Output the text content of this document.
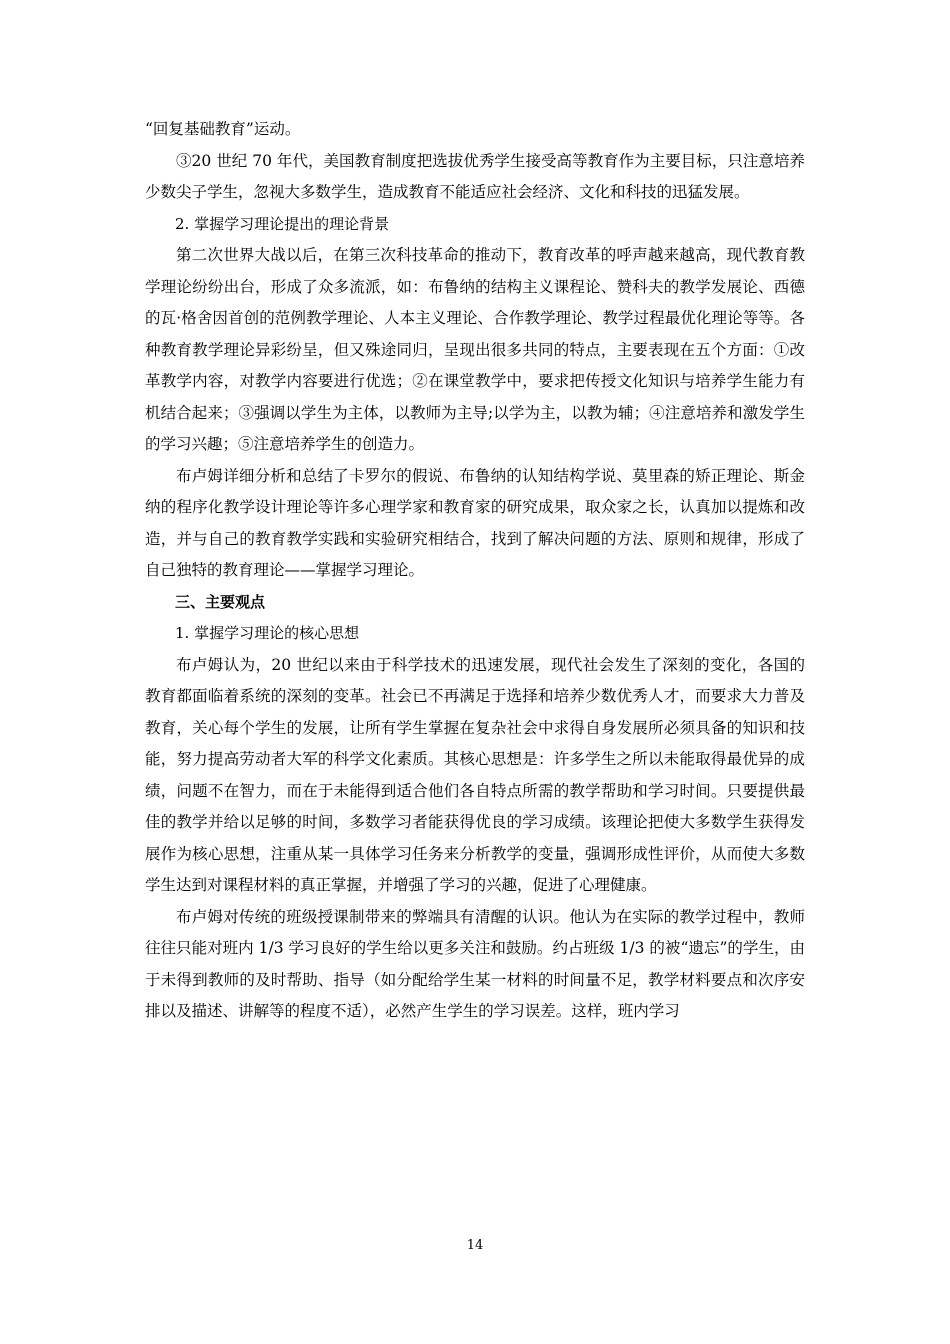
“回复基础教育”运动。

③20 世纪 70 年代，美国教育制度把选拔优秀学生接受高等教育作为主要目标，只注意培养少数尖子学生，忽视大多数学生，造成教育不能适应社会经济、文化和科技的迅猛发展。

2. 掌握学习理论提出的理论背景

第二次世界大战以后，在第三次科技革命的推动下，教育改革的呼声越来越高，现代教育教学理论纷纷出台，形成了众多流派，如：布鲁纳的结构主义课程论、赞科夫的教学发展论、西德的瓦·格舍因首创的范例教学理论、人本主义理论、合作教学理论、教学过程最优化理论等等。各种教育教学理论异彩纷呈，但又殊途同归，呈现出很多共同的特点，主要表现在五个方面：①改革教学内容，对教学内容要进行优选；②在课堂教学中，要求把传授文化知识与培养学生能力有机结合起来；③强调以学生为主体，以教师为主导;以学为主，以教为辅；④注意培养和激发学生的学习兴趣；⑤注意培养学生的创造力。

布卢姆详细分析和总结了卡罗尔的假说、布鲁纳的认知结构学说、莫里森的矫正理论、斯金纳的程序化教学设计理论等许多心理学家和教育家的研究成果，取众家之长，认真加以提炼和改造，并与自己的教育教学实践和实验研究相结合，找到了解决问题的方法、原则和规律，形成了自己独特的教育理论——掌握学习理论。

三、主要观点

1. 掌握学习理论的核心思想

布卢姆认为，20 世纪以来由于科学技术的迅速发展，现代社会发生了深刻的变化，各国的教育都面临着系统的深刻的变革。社会已不再满足于选择和培养少数优秀人才，而要求大力普及教育，关心每个学生的发展，让所有学生掌握在复杂社会中求得自身发展所必须具备的知识和技能，努力提高劳动者大军的科学文化素质。其核心思想是：许多学生之所以未能取得最优异的成绩，问题不在智力，而在于未能得到适合他们各自特点所需的教学帮助和学习时间。只要提供最佳的教学并给以足够的时间，多数学习者能获得优良的学习成绩。该理论把使大多数学生获得发展作为核心思想，注重从某一具体学习任务来分析教学的变量，强调形成性评价，从而使大多数学生达到对课程材料的真正掌握，并增强了学习的兴趣，促进了心理健康。

布卢姆对传统的班级授课制带来的弊端具有清醒的认识。他认为在实际的教学过程中，教师往往只能对班内 1/3 学习良好的学生给以更多关注和鼓励。约占班级 1/3 的被“遗忘”的学生，由于未得到教师的及时帮助、指导（如分配给学生某一材料的时间量不足，教学材料要点和次序安排以及描述、讲解等的程度不适），必然产生学生的学习误差。这样，班内学习

14
